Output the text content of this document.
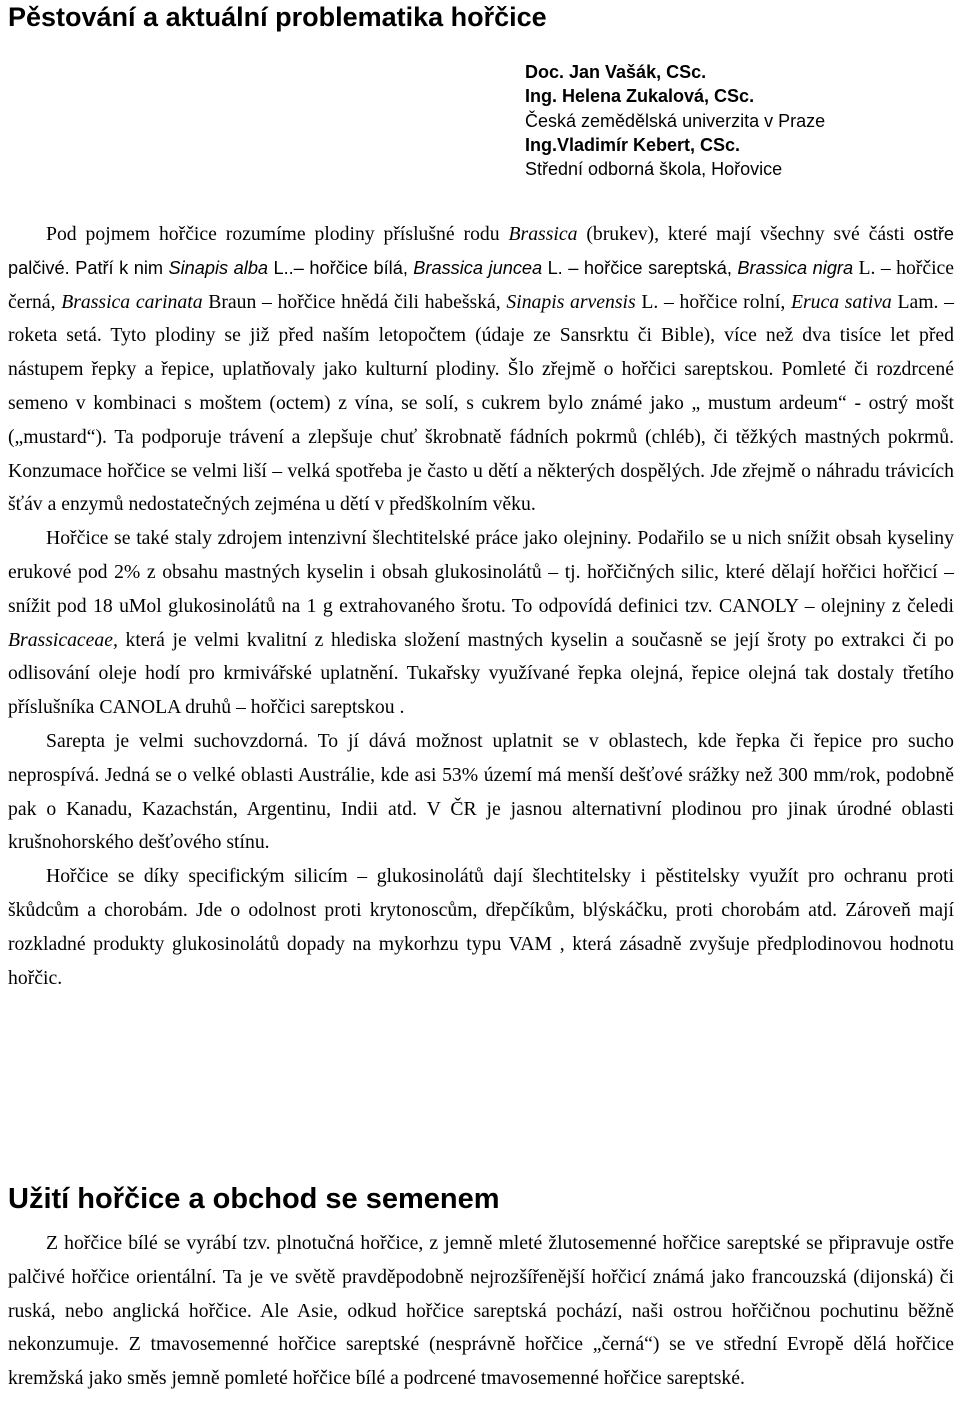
Pěstování a aktuální problematika hořčice
Doc. Jan Vašák, CSc.
Ing. Helena Zukalová, CSc.
Česká zemědělská univerzita v Praze
Ing.Vladimír Kebert, CSc.
Střední odborná škola, Hořovice

Pod pojmem hořčice rozumíme plodiny příslušné rodu Brassica (brukev), které mají všechny své části ostře palčivé. Patří k nim Sinapis alba L..– hořčice bílá, Brassica juncea L. – hořčice sareptská, Brassica nigra L. – hořčice černá, Brassica carinata Braun – hořčice hnědá čili habešská, Sinapis arvensis L. – hořčice rolní, Eruca sativa Lam. – roketa setá. Tyto plodiny se již před naším letopočtem (údaje ze Sansrktu či Bible), více než dva tisíce let před nástupem řepky a řepice, uplatňovaly jako kulturní plodiny. Šlo zřejmě o hořčici sareptskou. Pomleté či rozdrcené semeno v kombinaci s moštem (octem) z vína, se solí, s cukrem bylo známé jako „ mustum ardeum“ - ostrý mošt („mustard“). Ta podporuje trávení a zlepšuje chuť škrobnatě fádních pokrmů (chléb), či těžkých mastných pokrmů. Konzumace hořčice se velmi liší – velká spotřeba je často u dětí a některých dospělých. Jde zřejmě o náhradu trávicích šťáv a enzymů nedostatečných zejména u dětí v předškolním věku.

Hořčice se také staly zdrojem intenzivní šlechtitelské práce jako olejniny. Podařilo se u nich snížit obsah kyseliny erukové pod 2% z obsahu mastných kyselin i obsah glukosinolátů – tj. hořčičných silic, které dělají hořčici hořčicí – snížit pod 18 uMol glukosinolátů na 1 g extrahovaného šrotu. To odpovídá definici tzv. CANOLY – olejniny z čeledi Brassicaceae, která je velmi kvalitní z hlediska složení mastných kyselin a současně se její šroty po extrakci či po odlisování oleje hodí pro krmivářské uplatnění. Tukařsky využívané řepka olejná, řepice olejná tak dostaly třetího příslušníka CANOLA druhů – hořčici sareptskou .

Sarepta je velmi suchovzdorná. To jí dává možnost uplatnit se v oblastech, kde řepka či řepice pro sucho neprospívá. Jedná se o velké oblasti Austrálie, kde asi 53% území má menší dešťové srážky než 300 mm/rok, podobně pak o Kanadu, Kazachstán, Argentinu, Indii atd. V ČR je jasnou alternativní plodinou pro jinak úrodné oblasti krušnohorského dešťového stínu.

Hořčice se díky specifickým silicím – glukosinolátů dají šlechtitelsky i pěstitelsky využít pro ochranu proti škůdcům a chorobám. Jde o odolnost proti krytonoscům, dřepčíkům, blýskáčku, proti chorobám atd. Zároveň mají rozkladné produkty glukosinolátů dopady na mykorhzu typu VAM , která zásadně zvyšuje předplodinovou hodnotu hořčic.

Užití hořčice a obchod se semenem

Z hořčice bílé se vyrábí tzv. plnotučná hořčice, z jemně mleté žlutosemenné hořčice sareptské se připravuje ostře palčivé hořčice orientální. Ta je ve světě pravděpodobně nejrozšířenější hořčicí známá jako francouzská (dijonská) či ruská, nebo anglická hořčice. Ale Asie, odkud hořčice sareptská pochází, naši ostrou hořčičnou pochutinu běžně nekonzumuje. Z tmavosemenné hořčice sareptské (nesprávně hořčice „černá“) se ve střední Evropě dělá hořčice kremžská jako směs jemně pomleté hořčice bílé a podrcené tmavosemenné hořčice sareptské.
